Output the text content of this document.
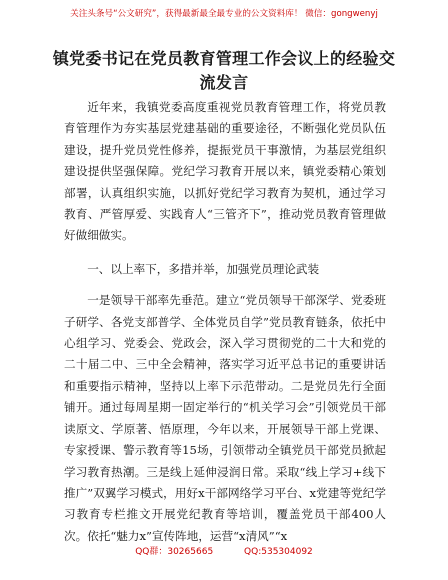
关注头条号“公文研究”，获得最新最全最专业的公文资料库！ 微信：gongwenyj
镇党委书记在党员教育管理工作会议上的经验交流发言

近年来，我镇党委高度重视党员教育管理工作，将党员教育管理作为夯实基层党建基础的重要途径，不断强化党员队伍建设，提升党员党性修养，提振党员干事激情，为基层党组织建设提供坚强保障。党纪学习教育开展以来，镇党委精心策划部署，认真组织实施，以抓好党纪学习教育为契机，通过学习教育、严管厚爱、实践育人“三管齐下”，推动党员教育管理做好做细做实。

一、以上率下，多措并举，加强党员理论武装

一是领导干部率先垂范。建立“党员领导干部深学、党委班子研学、各党支部普学、全体党员自学”党员教育链条，依托中心组学习、党委会、党政会，深入学习贯彻党的二十大和党的二十届二中、三中全会精神，落实学习近平总书记的重要讲话和重要指示精神，坚持以上率下示范带动。二是党员先行全面铺开。通过每周星期一固定举行的“机关学习会”引领党员干部读原文、学原著、悟原理，今年以来，开展领导干部上党课、专家授课、警示教育等15场，引领带动全镇党员干部党员掀起学习教育热潮。三是线上延伸浸润日常。采取“线上学习+线下推广”双翼学习模式，用好x干部网络学习平台、x党建等党纪学习教育专栏推文开展党纪教育等培训，覆盖党员干部400人次。依托“魅力x”宣传阵地，运营“x清风”“x

QQ群：30265665	QQ:535304092
